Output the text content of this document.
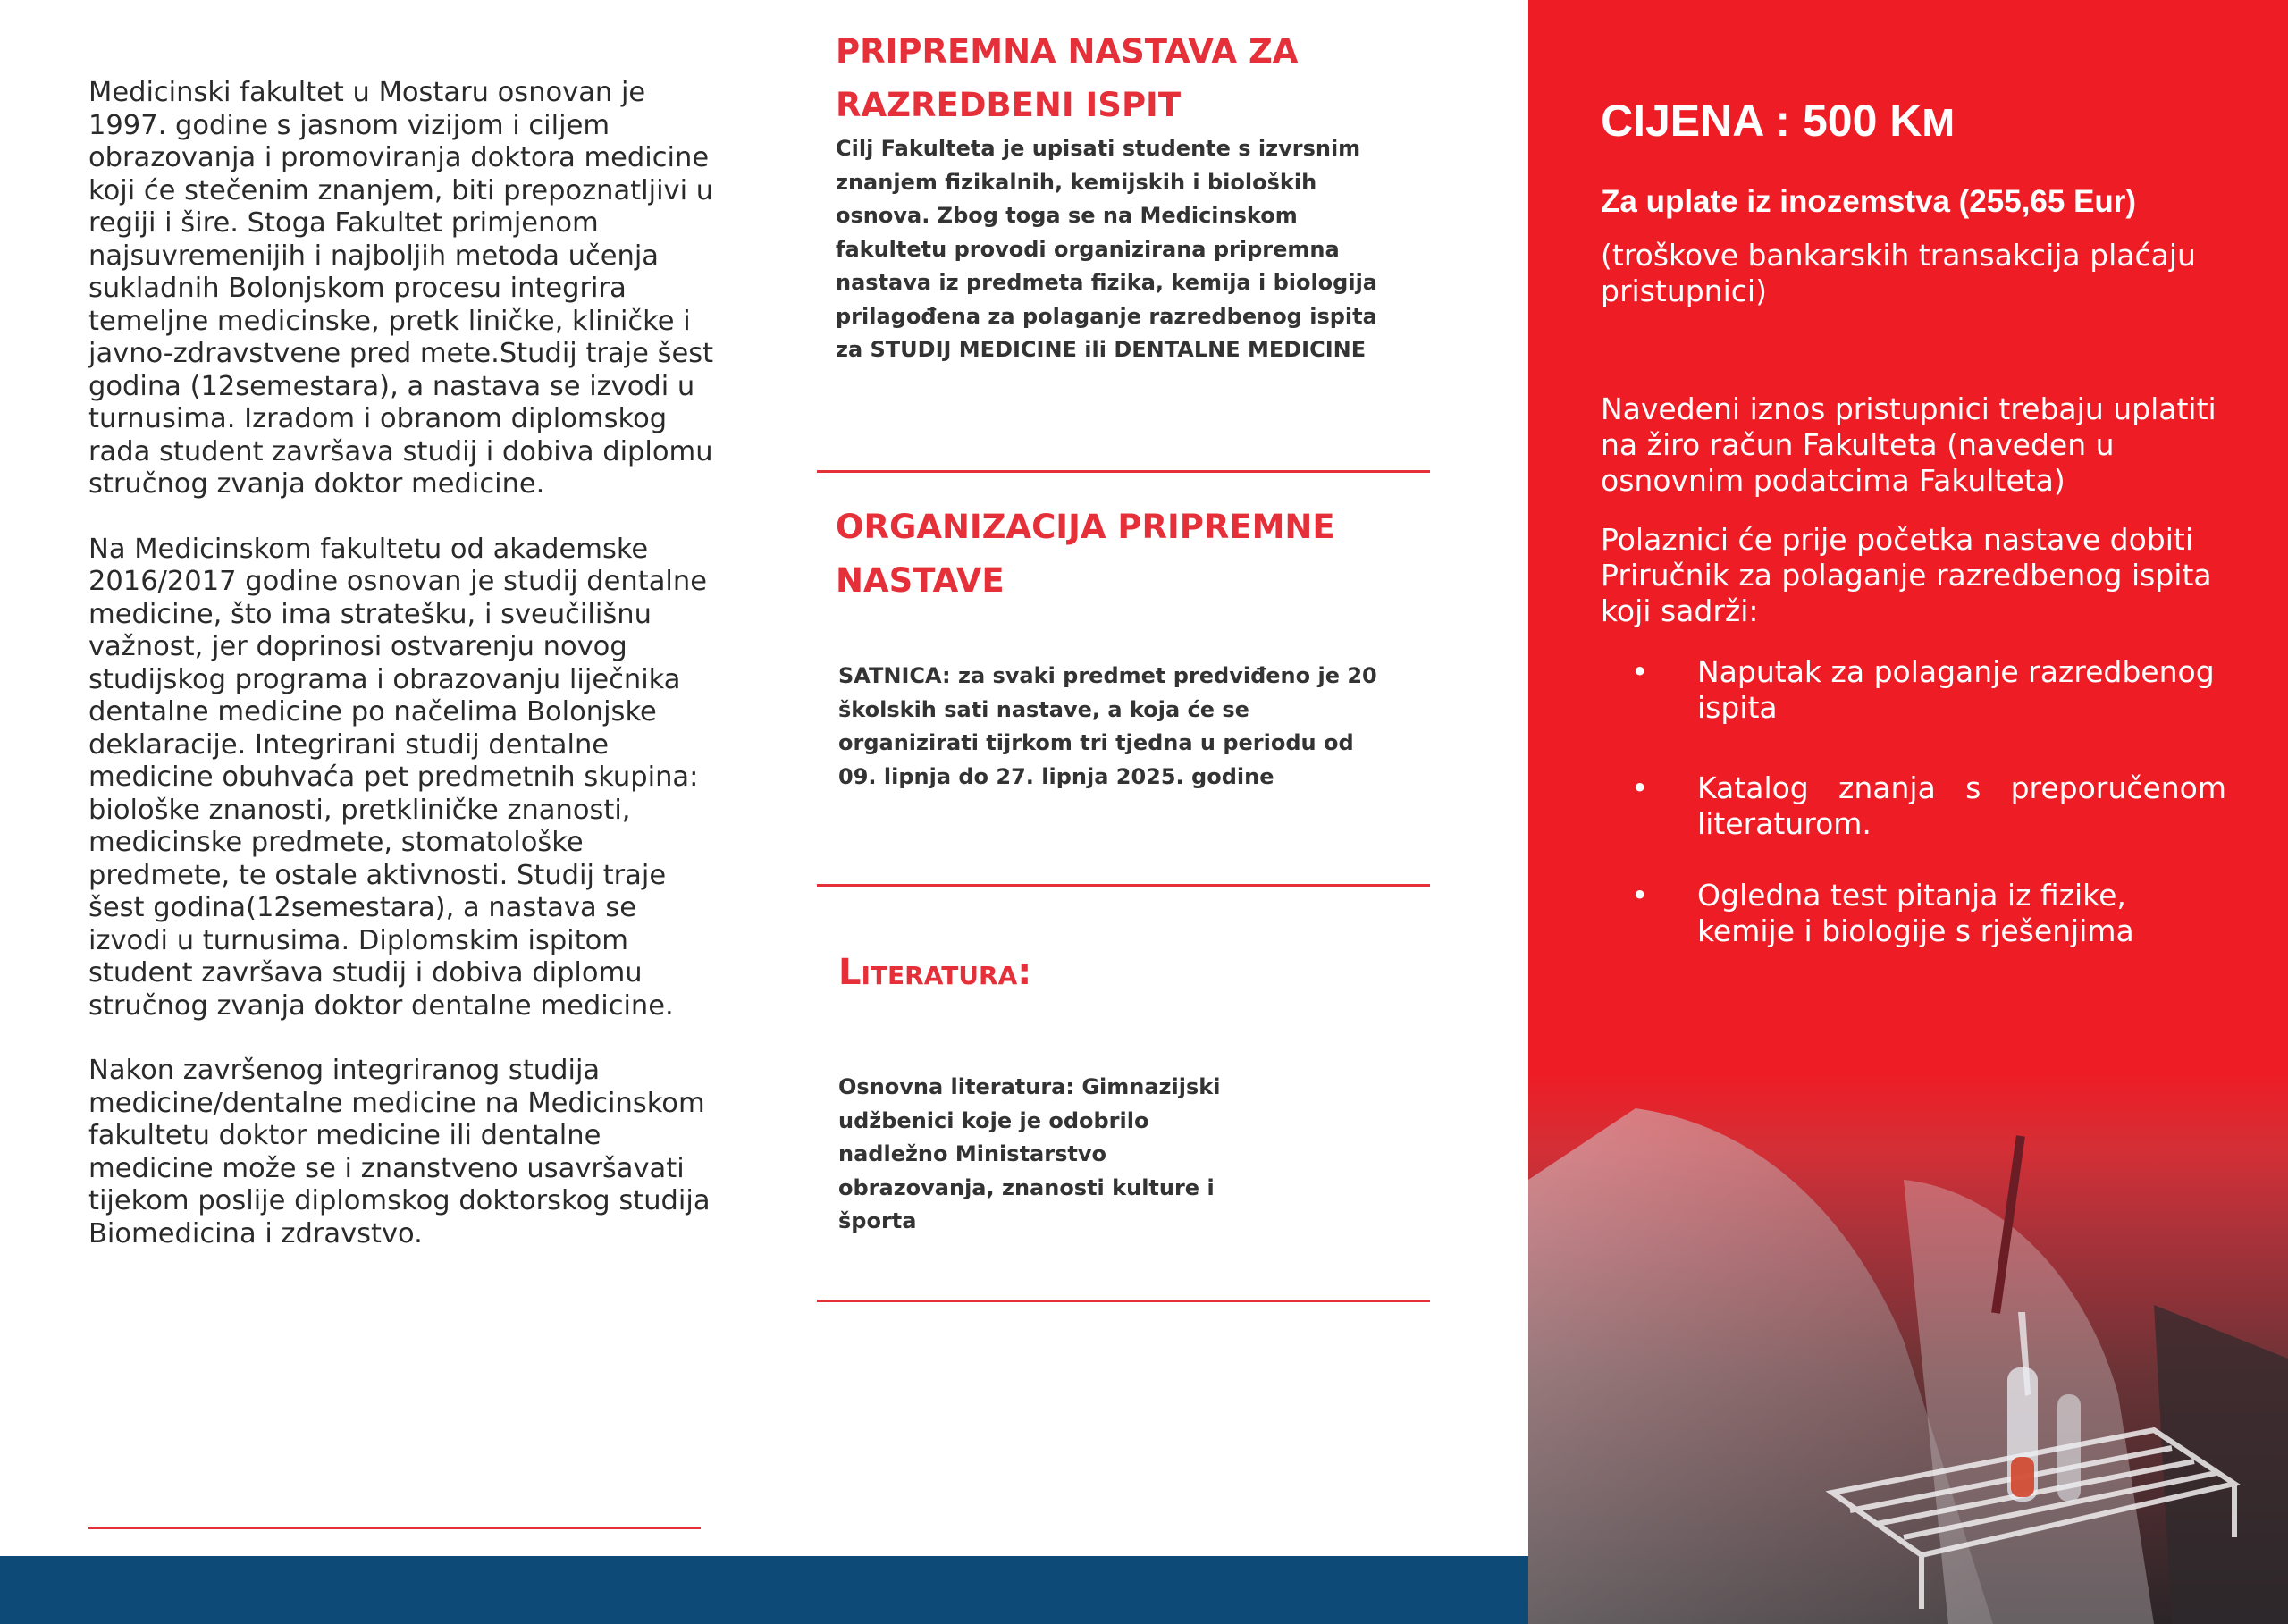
Medicinski fakultet u Mostaru osnovan je 1997. godine s jasnom vizijom i ciljem obrazovanja i promoviranja doktora medicine koji će stečenim znanjem, biti prepoznatljivi u regiji i šire. Stoga Fakultet primjenom najsuvremenijih i najboljih metoda učenja sukladnih Bolonjskom procesu integrira temeljne medicinske, pretk liničke, kliničke i javno-zdravstvene pred mete.Studij traje šest godina (12semestara), a nastava se izvodi u turnusima. Izradom i obranom diplomskog rada student završava studij i dobiva diplomu stručnog zvanja doktor medicine.

Na Medicinskom fakultetu od akademske 2016/2017 godine osnovan je studij dentalne medicine, što ima stratešku, i sveučilišnu važnost, jer doprinosi ostvarenju novog studijskog programa i obrazovanju liječnika dentalne medicine po načelima Bolonjske deklaracije. Integrirani studij dentalne medicine obuhvaća pet predmetnih skupina: biološke znanosti, pretkliničke znanosti, medicinske predmete, stomatološke predmete, te ostale aktivnosti. Studij traje šest godina(12semestara), a nastava se izvodi u turnusima. Diplomskim ispitom student završava studij i dobiva diplomu stručnog zvanja doktor dentalne medicine.

Nakon završenog integriranog studija medicine/dentalne medicine na Medicinskom fakultetu doktor medicine ili dentalne medicine može se i znanstveno usavršavati tijekom poslije diplomskog doktorskog studija Biomedicina i zdravstvo.

PRIPREMNA NASTAVA ZA
RAZREDBENI ISPIT
Cilj Fakulteta je upisati studente s izvrsnim znanjem fizikalnih, kemijskih i bioloških osnova. Zbog toga se na Medicinskom fakultetu provodi organizirana pripremna nastava iz predmeta fizika, kemija i biologija prilagođena za polaganje razredbenog ispita za STUDIJ MEDICINE ili DENTALNE MEDICINE
ORGANIZACIJA PRIPREMNE
NASTAVE
SATNICA: za svaki predmet predviđeno je 20 školskih sati nastave, a koja će se organizirati tijrkom tri tjedna u periodu od 09. lipnja do 27. lipnja 2025. godine
Literatura:
Osnovna literatura: Gimnazijski udžbenici koje je odobrilo nadležno Ministarstvo obrazovanja, znanosti kulture i športa
CIJENA : 500 KM
Za uplate iz inozemstva (255,65 Eur)
(troškove bankarskih transakcija plaćaju pristupnici)
Navedeni iznos pristupnici trebaju uplatiti na žiro račun Fakulteta (naveden u osnovnim podatcima Fakulteta)
Polaznici će prije početka nastave dobiti Priručnik za polaganje razredbenog ispita koji sadrži:
• Naputak za polaganje razredbenog ispita
• Katalog znanja s preporučenom literaturom.
• Ogledna test pitanja iz fizike, kemije i biologije s rješenjima
